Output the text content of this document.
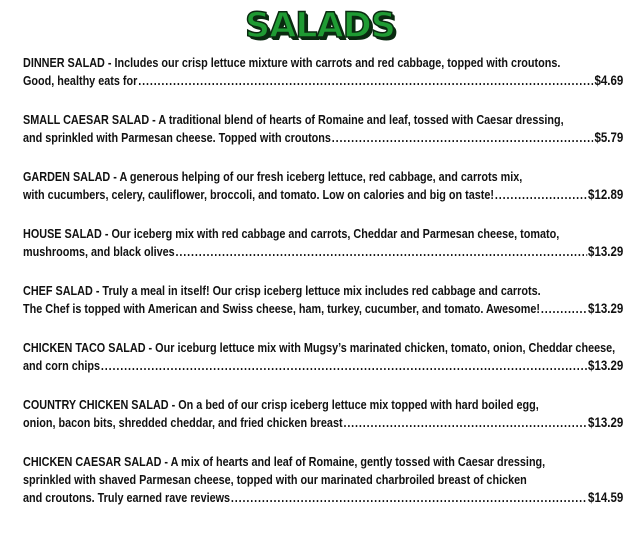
SALADS
DINNER SALAD - Includes our crisp lettuce mixture with carrots and red cabbage, topped with croutons.
Good, healthy eats for .....	$4.69
SMALL CAESAR SALAD - A traditional blend of hearts of Romaine and leaf, tossed with Caesar dressing,
and sprinkled with Parmesan cheese. Topped with croutons .....	$5.79
GARDEN SALAD - A generous helping of our fresh iceberg lettuce, red cabbage, and carrots mix,
with cucumbers, celery, cauliflower, broccoli, and tomato. Low on calories and big on taste! .....	$12.89
HOUSE SALAD - Our iceberg mix with red cabbage and carrots, Cheddar and Parmesan cheese, tomato,
mushrooms, and black olives .....	$13.29
CHEF SALAD - Truly a meal in itself! Our crisp iceberg lettuce mix includes red cabbage and carrots.
The Chef is topped with American and Swiss cheese, ham, turkey, cucumber, and tomato. Awesome! .....	$13.29
CHICKEN TACO SALAD - Our iceburg lettuce mix with Mugsy’s marinated chicken, tomato, onion, Cheddar cheese,
and corn chips .....	$13.29
COUNTRY CHICKEN SALAD - On a bed of our crisp iceberg lettuce mix topped with hard boiled egg,
onion, bacon bits, shredded cheddar, and fried chicken breast .....	$13.29
CHICKEN CAESAR SALAD - A mix of hearts and leaf of Romaine, gently tossed with Caesar dressing,
sprinkled with shaved Parmesan cheese, topped with our marinated charbroiled breast of chicken
and croutons. Truly earned rave reviews .....	$14.59
